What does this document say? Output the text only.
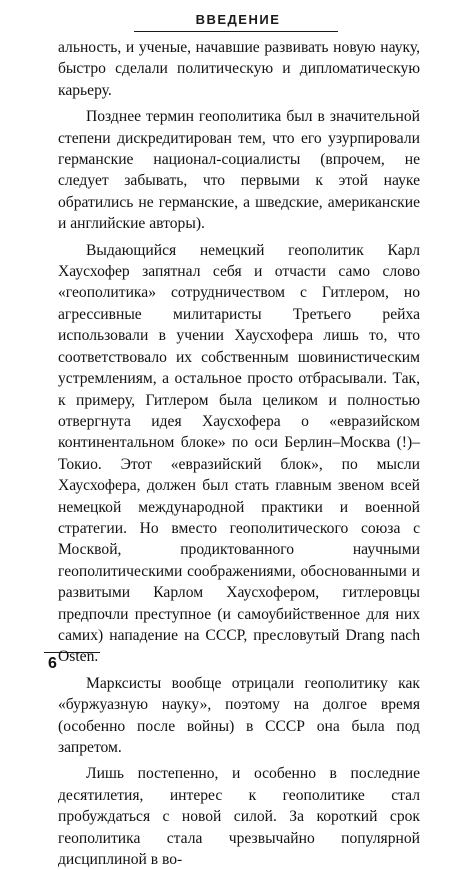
ВВЕДЕНИЕ

альность, и ученые, начавшие развивать новую науку, быстро сделали политическую и дипломатическую карьеру.

Позднее термин геополитика был в значительной степени дискредитирован тем, что его узурпировали германские национал-социалисты (впрочем, не следует забывать, что первыми к этой науке обратились не германские, а шведские, американские и английские авторы).

Выдающийся немецкий геополитик Карл Хаусхофер запятнал себя и отчасти само слово «геополитика» сотрудничеством с Гитлером, но агрессивные милитаристы Третьего рейха использовали в учении Хаусхофера лишь то, что соответствовало их собственным шовинистическим устремлениям, а остальное просто отбрасывали. Так, к примеру, Гитлером была целиком и полностью отвергнута идея Хаусхофера о «евразийском континентальном блоке» по оси Берлин–Москва (!)–Токио. Этот «евразийский блок», по мысли Хаусхофера, должен был стать главным звеном всей немецкой международной практики и военной стратегии. Но вместо геополитического союза с Москвой, продиктованного научными геополитическими соображениями, обоснованными и развитыми Карлом Хаусхофером, гитлеровцы предпочли преступное (и самоубийственное для них самих) нападение на СССР, пресловутый Drang nach Osten.

Марксисты вообще отрицали геополитику как «буржуазную науку», поэтому на долгое время (особенно после войны) в СССР она была под запретом.

Лишь постепенно, и особенно в последние десятилетия, интерес к геополитике стал пробуждаться с новой силой. За короткий срок геополитика стала чрезвычайно популярной дисциплиной в во-

6
